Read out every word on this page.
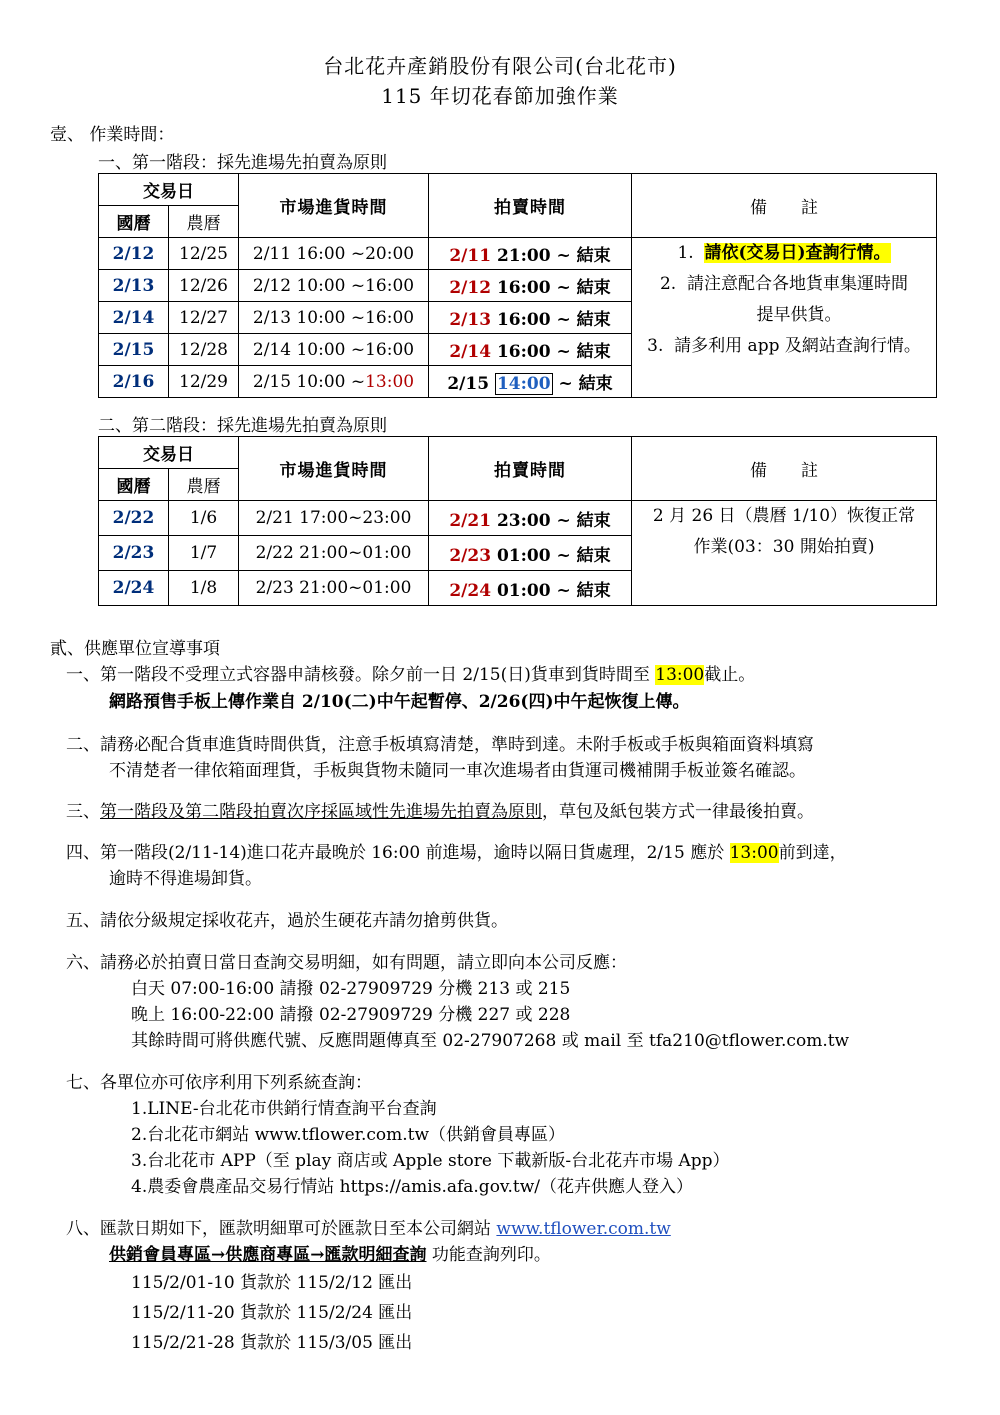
台北花卉產銷股份有限公司(台北花市)
115 年切花春節加強作業
壹、 作業時間：
一、第一階段：採先進場先拍賣為原則
交易日		市場進貨時間	拍賣時間	備　　註
國曆	農曆			
2/12	12/25	2/11 16:00 ~20:00	2/11 21:00 ~ 結束	1.  請依(交易日)查詢行情。
2.  請注意配合各地貨車集運時間
提早供貨。
3.  請多利用 app 及網站查詢行情。

2/13	12/26	2/12 10:00 ~16:00	2/12 16:00 ~ 結束	
2/14	12/27	2/13 10:00 ~16:00	2/13 16:00 ~ 結束	
2/15	12/28	2/14 10:00 ~16:00	2/14 16:00 ~ 結束	
2/16	12/29	2/15 10:00 ~13:00	2/15 14:00 ~ 結束	
二、第二階段：採先進場先拍賣為原則
交易日		市場進貨時間	拍賣時間	備　　註
國曆	農曆			
2/22	1/6	2/21 17:00~23:00	2/21 23:00 ~ 結束	2 月 26 日（農曆 1/10）恢復正常
作業(03：30 開始拍賣)

2/23	1/7	2/22 21:00~01:00	2/23 01:00 ~ 結束	
2/24	1/8	2/23 21:00~01:00	2/24 01:00 ~ 結束	
貳、供應單位宣導事項
一、第一階段不受理立式容器申請核發。除夕前一日 2/15(日)貨車到貨時間至 13:00截止。
網路預售手板上傳作業自 2/10(二)中午起暫停、2/26(四)中午起恢復上傳。
二、請務必配合貨車進貨時間供貨，注意手板填寫清楚，準時到達。未附手板或手板與箱面資料填寫
不清楚者一律依箱面理貨，手板與貨物未隨同一車次進場者由貨運司機補開手板並簽名確認。
三、第一階段及第二階段拍賣次序採區域性先進場先拍賣為原則，草包及紙包裝方式一律最後拍賣。
四、第一階段(2/11-14)進口花卉最晚於 16:00 前進場，逾時以隔日貨處理，2/15 應於 13:00前到達，
逾時不得進場卸貨。
五、請依分級規定採收花卉，過於生硬花卉請勿搶剪供貨。
六、請務必於拍賣日當日查詢交易明細，如有問題，請立即向本公司反應：
白天 07:00-16:00 請撥 02-27909729 分機 213 或 215
晚上 16:00-22:00 請撥 02-27909729 分機 227 或 228
其餘時間可將供應代號、反應問題傳真至 02-27907268 或 mail 至 tfa210@tflower.com.tw
七、各單位亦可依序利用下列系統查詢：
1.LINE-台北花市供銷行情查詢平台查詢
2.台北花市網站 www.tflower.com.tw（供銷會員專區）
3.台北花市 APP（至 play 商店或 Apple store 下載新版-台北花卉市場 App）
4.農委會農產品交易行情站 https://amis.afa.gov.tw/（花卉供應人登入）
八、匯款日期如下，匯款明細單可於匯款日至本公司網站 www.tflower.com.tw
供銷會員專區→供應商專區→匯款明細查詢 功能查詢列印。
115/2/01-10 貨款於 115/2/12 匯出
115/2/11-20 貨款於 115/2/24 匯出
115/2/21-28 貨款於 115/3/05 匯出
